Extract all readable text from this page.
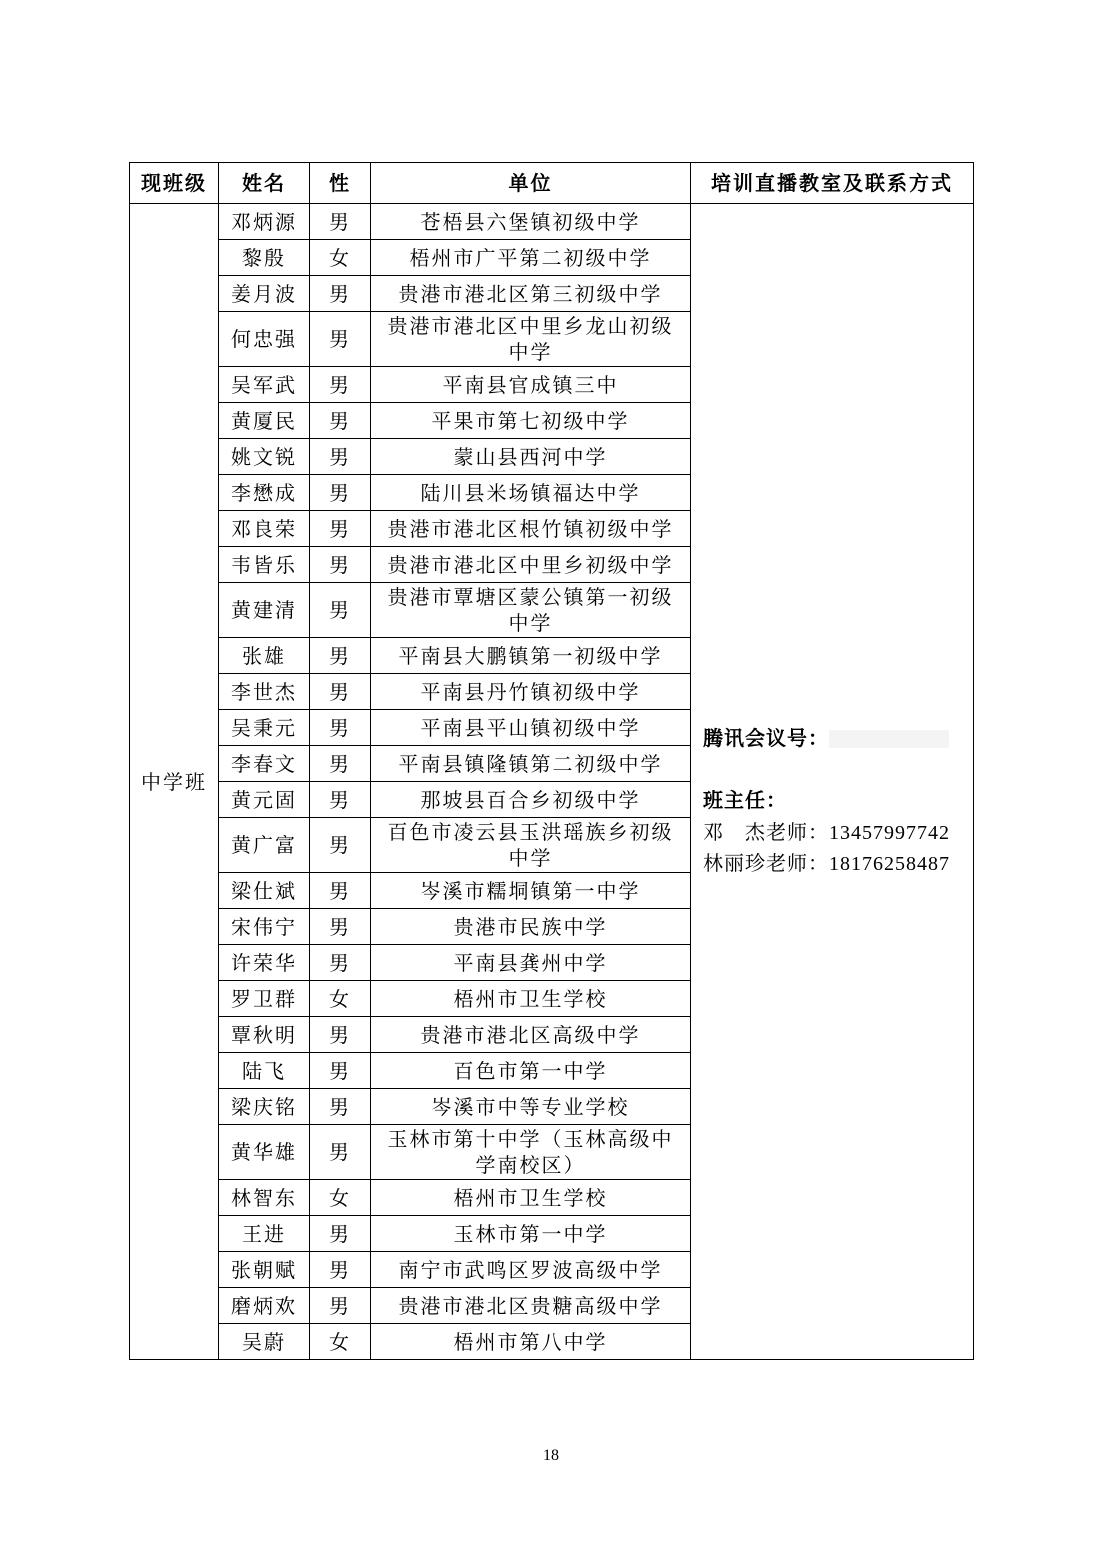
现班级	姓名	性	单位	培训直播教室及联系方式
中学班	邓炳源	男	苍梧县六堡镇初级中学	腾讯会议号：
班主任：
邓　杰老师：13457997742
林丽珍老师：18176258487

	黎殷	女	梧州市广平第二初级中学	
	姜月波	男	贵港市港北区第三初级中学	
	何忠强	男	贵港市港北区中里乡龙山初级中学	
	吴军武	男	平南县官成镇三中	
	黄厦民	男	平果市第七初级中学	
	姚文锐	男	蒙山县西河中学	
	李懋成	男	陆川县米场镇福达中学	
	邓良荣	男	贵港市港北区根竹镇初级中学	
	韦皆乐	男	贵港市港北区中里乡初级中学	
	黄建清	男	贵港市覃塘区蒙公镇第一初级中学	
	张雄	男	平南县大鹏镇第一初级中学	
	李世杰	男	平南县丹竹镇初级中学	
	吴秉元	男	平南县平山镇初级中学	
	李春文	男	平南县镇隆镇第二初级中学	
	黄元固	男	那坡县百合乡初级中学	
	黄广富	男	百色市凌云县玉洪瑶族乡初级中学	
	梁仕斌	男	岑溪市糯垌镇第一中学	
	宋伟宁	男	贵港市民族中学	
	许荣华	男	平南县龚州中学	
	罗卫群	女	梧州市卫生学校	
	覃秋明	男	贵港市港北区高级中学	
	陆飞	男	百色市第一中学	
	梁庆铭	男	岑溪市中等专业学校	
	黄华雄	男	玉林市第十中学（玉林高级中学南校区）	
	林智东	女	梧州市卫生学校	
	王进	男	玉林市第一中学	
	张朝赋	男	南宁市武鸣区罗波高级中学	
	磨炳欢	男	贵港市港北区贵糖高级中学	
	吴蔚	女	梧州市第八中学	
18
